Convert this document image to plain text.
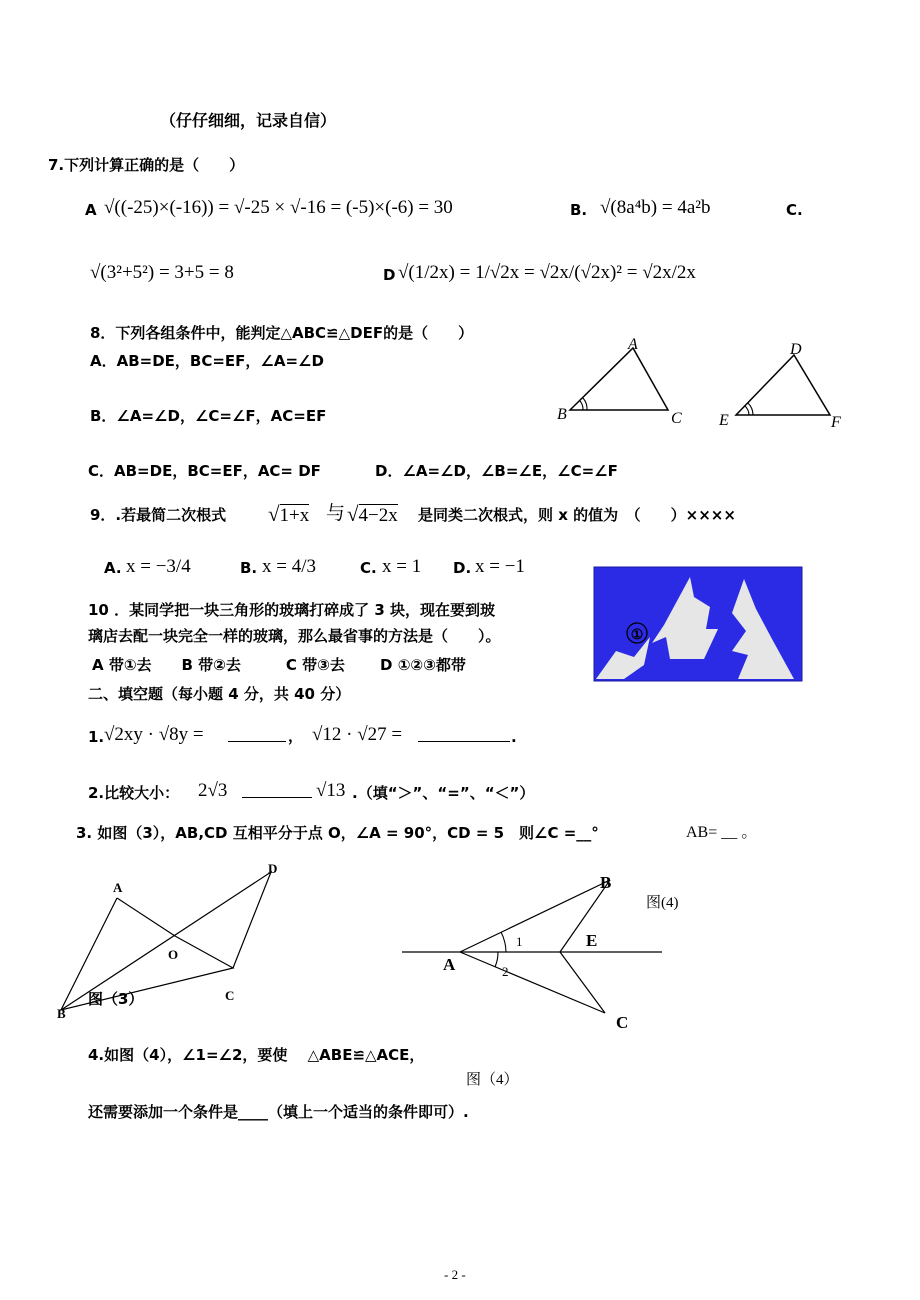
（仔仔细细，记录自信）
7.下列计算正确的是（　　）
A √((-25)×(-16)) = √-25 × √-16 = (-5)×(-6) = 30	B. √(8a⁴b) = 4a²b	C.
√(3²+5²) = 3+5 = 8	D √(1/2x) = 1/√2x = √2x/(√2x)² = √2x/2x
8．下列各组条件中，能判定△ABC≌△DEF的是（　　）
A．AB=DE，BC=EF，∠A=∠D
B．∠A=∠D，∠C=∠F，AC=EF
C．AB=DE，BC=EF，AC= DF	D．∠A=∠D，∠B=∠E，∠C=∠F
A
B	C
D
E	F
9．.若最简二次根式 √1+x 与 √4−2x 是同类二次根式，则 x 的值为　（　　）××××
A. x = −3/4	B. x = 4/3	C. x = 1 D. x = −1
10 ．某同学把一块三角形的玻璃打碎成了 3 块，现在要到玻
璃店去配一块完全一样的玻璃，那么最省事的方法是（　　）。
A 带①去　　B 带②去　　　C 带③去　　 D ①②③都带
①
二、填空题（每小题 4 分，共 40 分）
1. √2xy · √8y =	， √12 · √27 =	.
2.比较大小： 2√3	√13 .（填“＞”、“=”、“＜”）
3. 如图（3），AB,CD 互相平分于点 O，∠A = 90°，CD = 5　则∠C =__°	AB= __ 。
A
B
C
D
O
图（3）
1
2
A
B
C
E
图(4)
4.如图（4），∠1=∠2，要使　 △ABE≌△ACE，
图（4）
还需要添加一个条件是____（填上一个适当的条件即可）.
- 2 -
